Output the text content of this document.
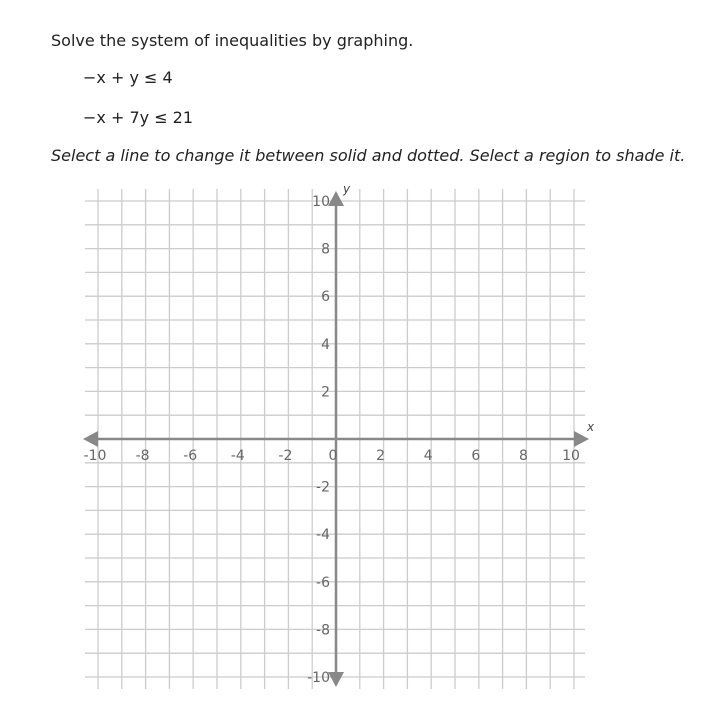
Solve the system of inequalities by graphing.
−x + y ≤ 4
−x + 7y ≤ 21
Select a line to change it between solid and dotted. Select a region to shade it.
x
y
-10 -8 -6 -4 -2	0	2	4	6	8 10
-10
-8
-6
-4
-2
2
4
6
8
10
